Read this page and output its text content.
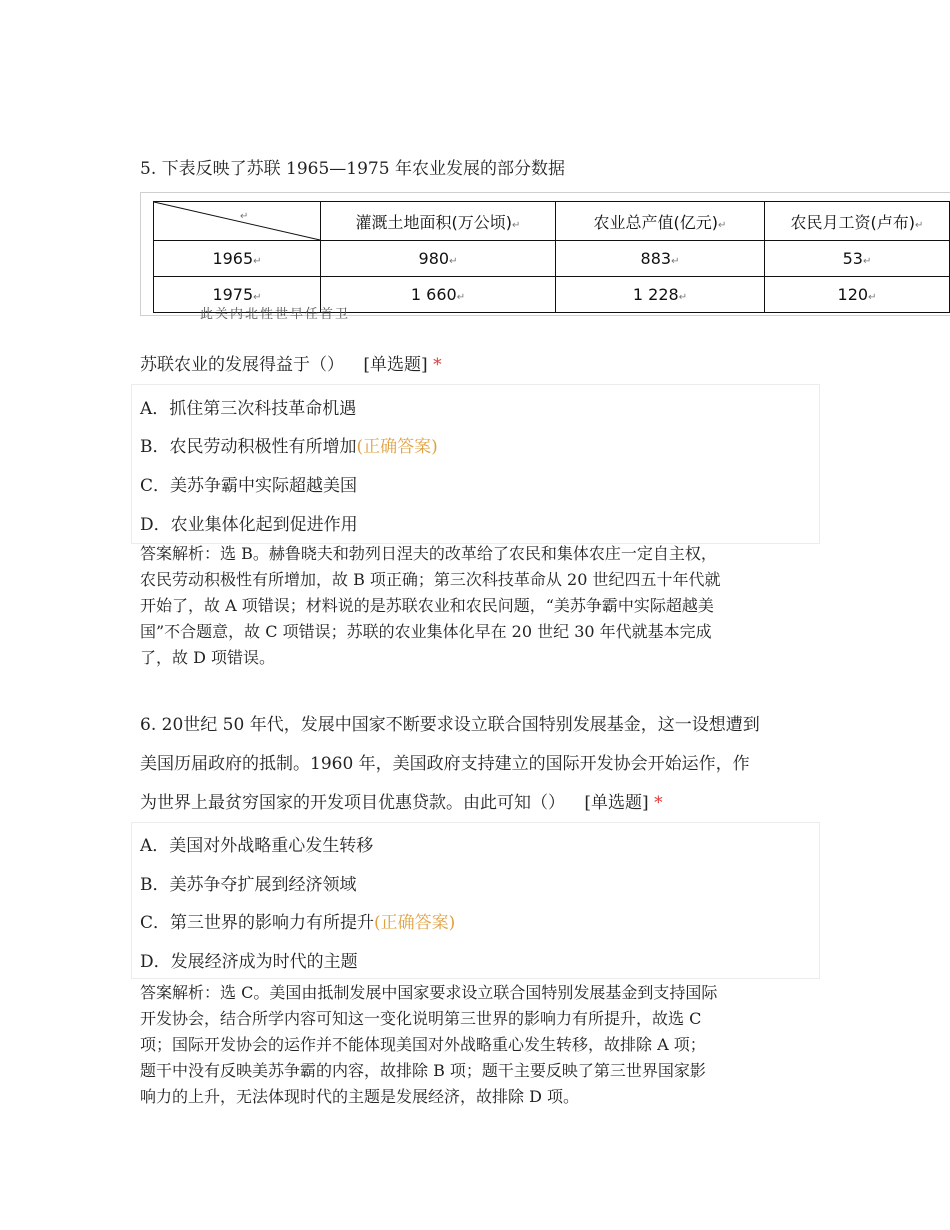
5. 下表反映了苏联 1965—1975 年农业发展的部分数据
↵	灌溉土地面积(万公顷)↵	农业总产值(亿元)↵	农民月工资(卢布)↵
1965↵	980↵	883↵	53↵
1975↵	1 660↵	1 228↵	120↵
此关内北性世早任首卫
苏联农业的发展得益于（） [单选题] *
A．抓住第三次科技革命机遇
B．农民劳动积极性有所增加(正确答案)
C．美苏争霸中实际超越美国
D．农业集体化起到促进作用
答案解析：选 B。赫鲁晓夫和勃列日涅夫的改革给了农民和集体农庄一定自主权，
农民劳动积极性有所增加，故 B 项正确；第三次科技革命从 20 世纪四五十年代就
开始了，故 A 项错误；材料说的是苏联农业和农民问题，“美苏争霸中实际超越美
国”不合题意，故 C 项错误；苏联的农业集体化早在 20 世纪 30 年代就基本完成
了，故 D 项错误。
6. 20世纪 50 年代，发展中国家不断要求设立联合国特别发展基金，这一设想遭到
美国历届政府的抵制。1960 年，美国政府支持建立的国际开发协会开始运作，作
为世界上最贫穷国家的开发项目优惠贷款。由此可知（） [单选题] *
A．美国对外战略重心发生转移
B．美苏争夺扩展到经济领域
C．第三世界的影响力有所提升(正确答案)
D．发展经济成为时代的主题
答案解析：选 C。美国由抵制发展中国家要求设立联合国特别发展基金到支持国际
开发协会，结合所学内容可知这一变化说明第三世界的影响力有所提升，故选 C
项；国际开发协会的运作并不能体现美国对外战略重心发生转移，故排除 A 项；
题干中没有反映美苏争霸的内容，故排除 B 项；题干主要反映了第三世界国家影
响力的上升，无法体现时代的主题是发展经济，故排除 D 项。
